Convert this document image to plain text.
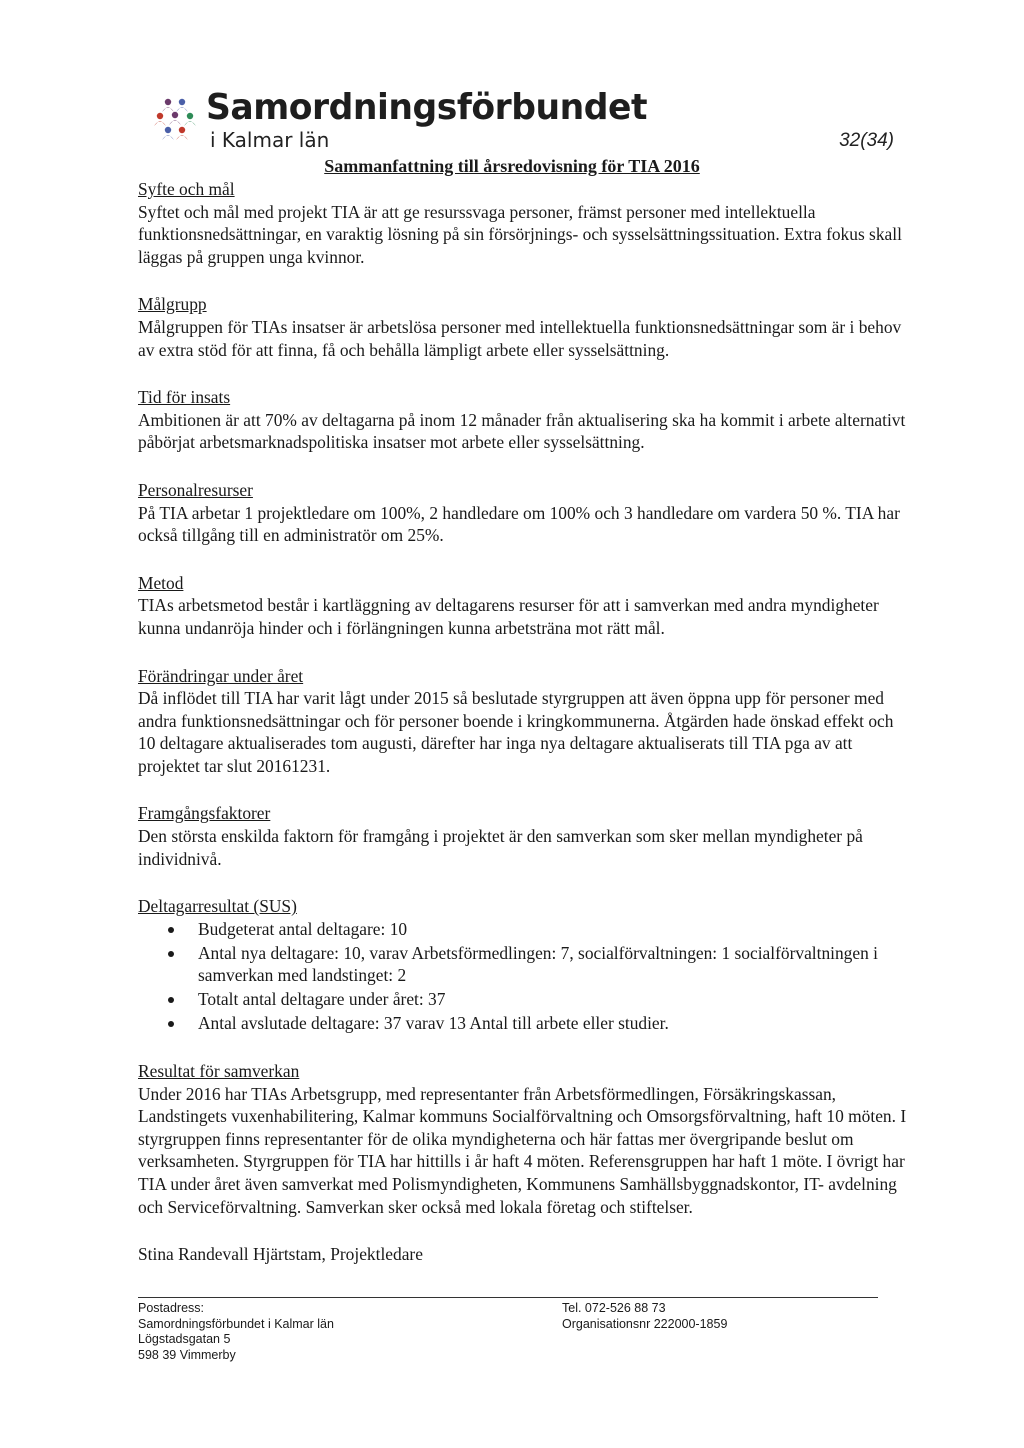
Samordningsförbundet
i Kalmar län	32(34)
Sammanfattning till årsredovisning för TIA 2016
Syfte och mål

Syftet och mål med projekt TIA är att ge resurssvaga personer, främst personer med intellektuella funktionsnedsättningar, en varaktig lösning på sin försörjnings- och sysselsättningssituation. Extra fokus skall läggas på gruppen unga kvinnor.

Målgrupp

Målgruppen för TIAs insatser är arbetslösa personer med intellektuella funktionsnedsättningar som är i behov av extra stöd för att finna, få och behålla lämpligt arbete eller sysselsättning.

Tid för insats

Ambitionen är att 70% av deltagarna på inom 12 månader från aktualisering ska ha kommit i arbete alternativt påbörjat arbetsmarknadspolitiska insatser mot arbete eller sysselsättning.

Personalresurser

På TIA arbetar 1 projektledare om 100%, 2 handledare om 100% och 3 handledare om vardera 50 %. TIA har också tillgång till en administratör om 25%.

Metod

TIAs arbetsmetod består i kartläggning av deltagarens resurser för att i samverkan med andra myndigheter kunna undanröja hinder och i förlängningen kunna arbetsträna mot rätt mål.

Förändringar under året

Då inflödet till TIA har varit lågt under 2015 så beslutade styrgruppen att även öppna upp för personer med andra funktionsnedsättningar och för personer boende i kringkommunerna. Åtgärden hade önskad effekt och 10 deltagare aktualiserades tom augusti, därefter har inga nya deltagare aktualiserats till TIA pga av att projektet tar slut 20161231.

Framgångsfaktorer

Den största enskilda faktorn för framgång i projektet är den samverkan som sker mellan myndigheter på individnivå.

Deltagarresultat (SUS)
Budgeterat antal deltagare: 10
Antal nya deltagare: 10, varav Arbetsförmedlingen: 7, socialförvaltningen: 1 socialförvaltningen i samverkan med landstinget: 2
Totalt antal deltagare under året: 37
Antal avslutade deltagare: 37 varav 13 Antal till arbete eller studier.
Resultat för samverkan

Under 2016 har TIAs Arbetsgrupp, med representanter från Arbetsförmedlingen, Försäkringskassan, Landstingets vuxenhabilitering, Kalmar kommuns Socialförvaltning och Omsorgsförvaltning, haft 10 möten. I styrgruppen finns representanter för de olika myndigheterna och här fattas mer övergripande beslut om verksamheten. Styrgruppen för TIA har hittills i år haft 4 möten. Referensgruppen har haft 1 möte. I övrigt har TIA under året även samverkat med Polismyndigheten, Kommunens Samhällsbyggnadskontor, IT- avdelning och Serviceförvaltning. Samverkan sker också med lokala företag och stiftelser.

Stina Randevall Hjärtstam, Projektledare

Postadress:
Samordningsförbundet i Kalmar län
Lögstadsgatan 5
598 39 Vimmerby
Tel. 072-526 88 73
Organisationsnr 222000-1859
